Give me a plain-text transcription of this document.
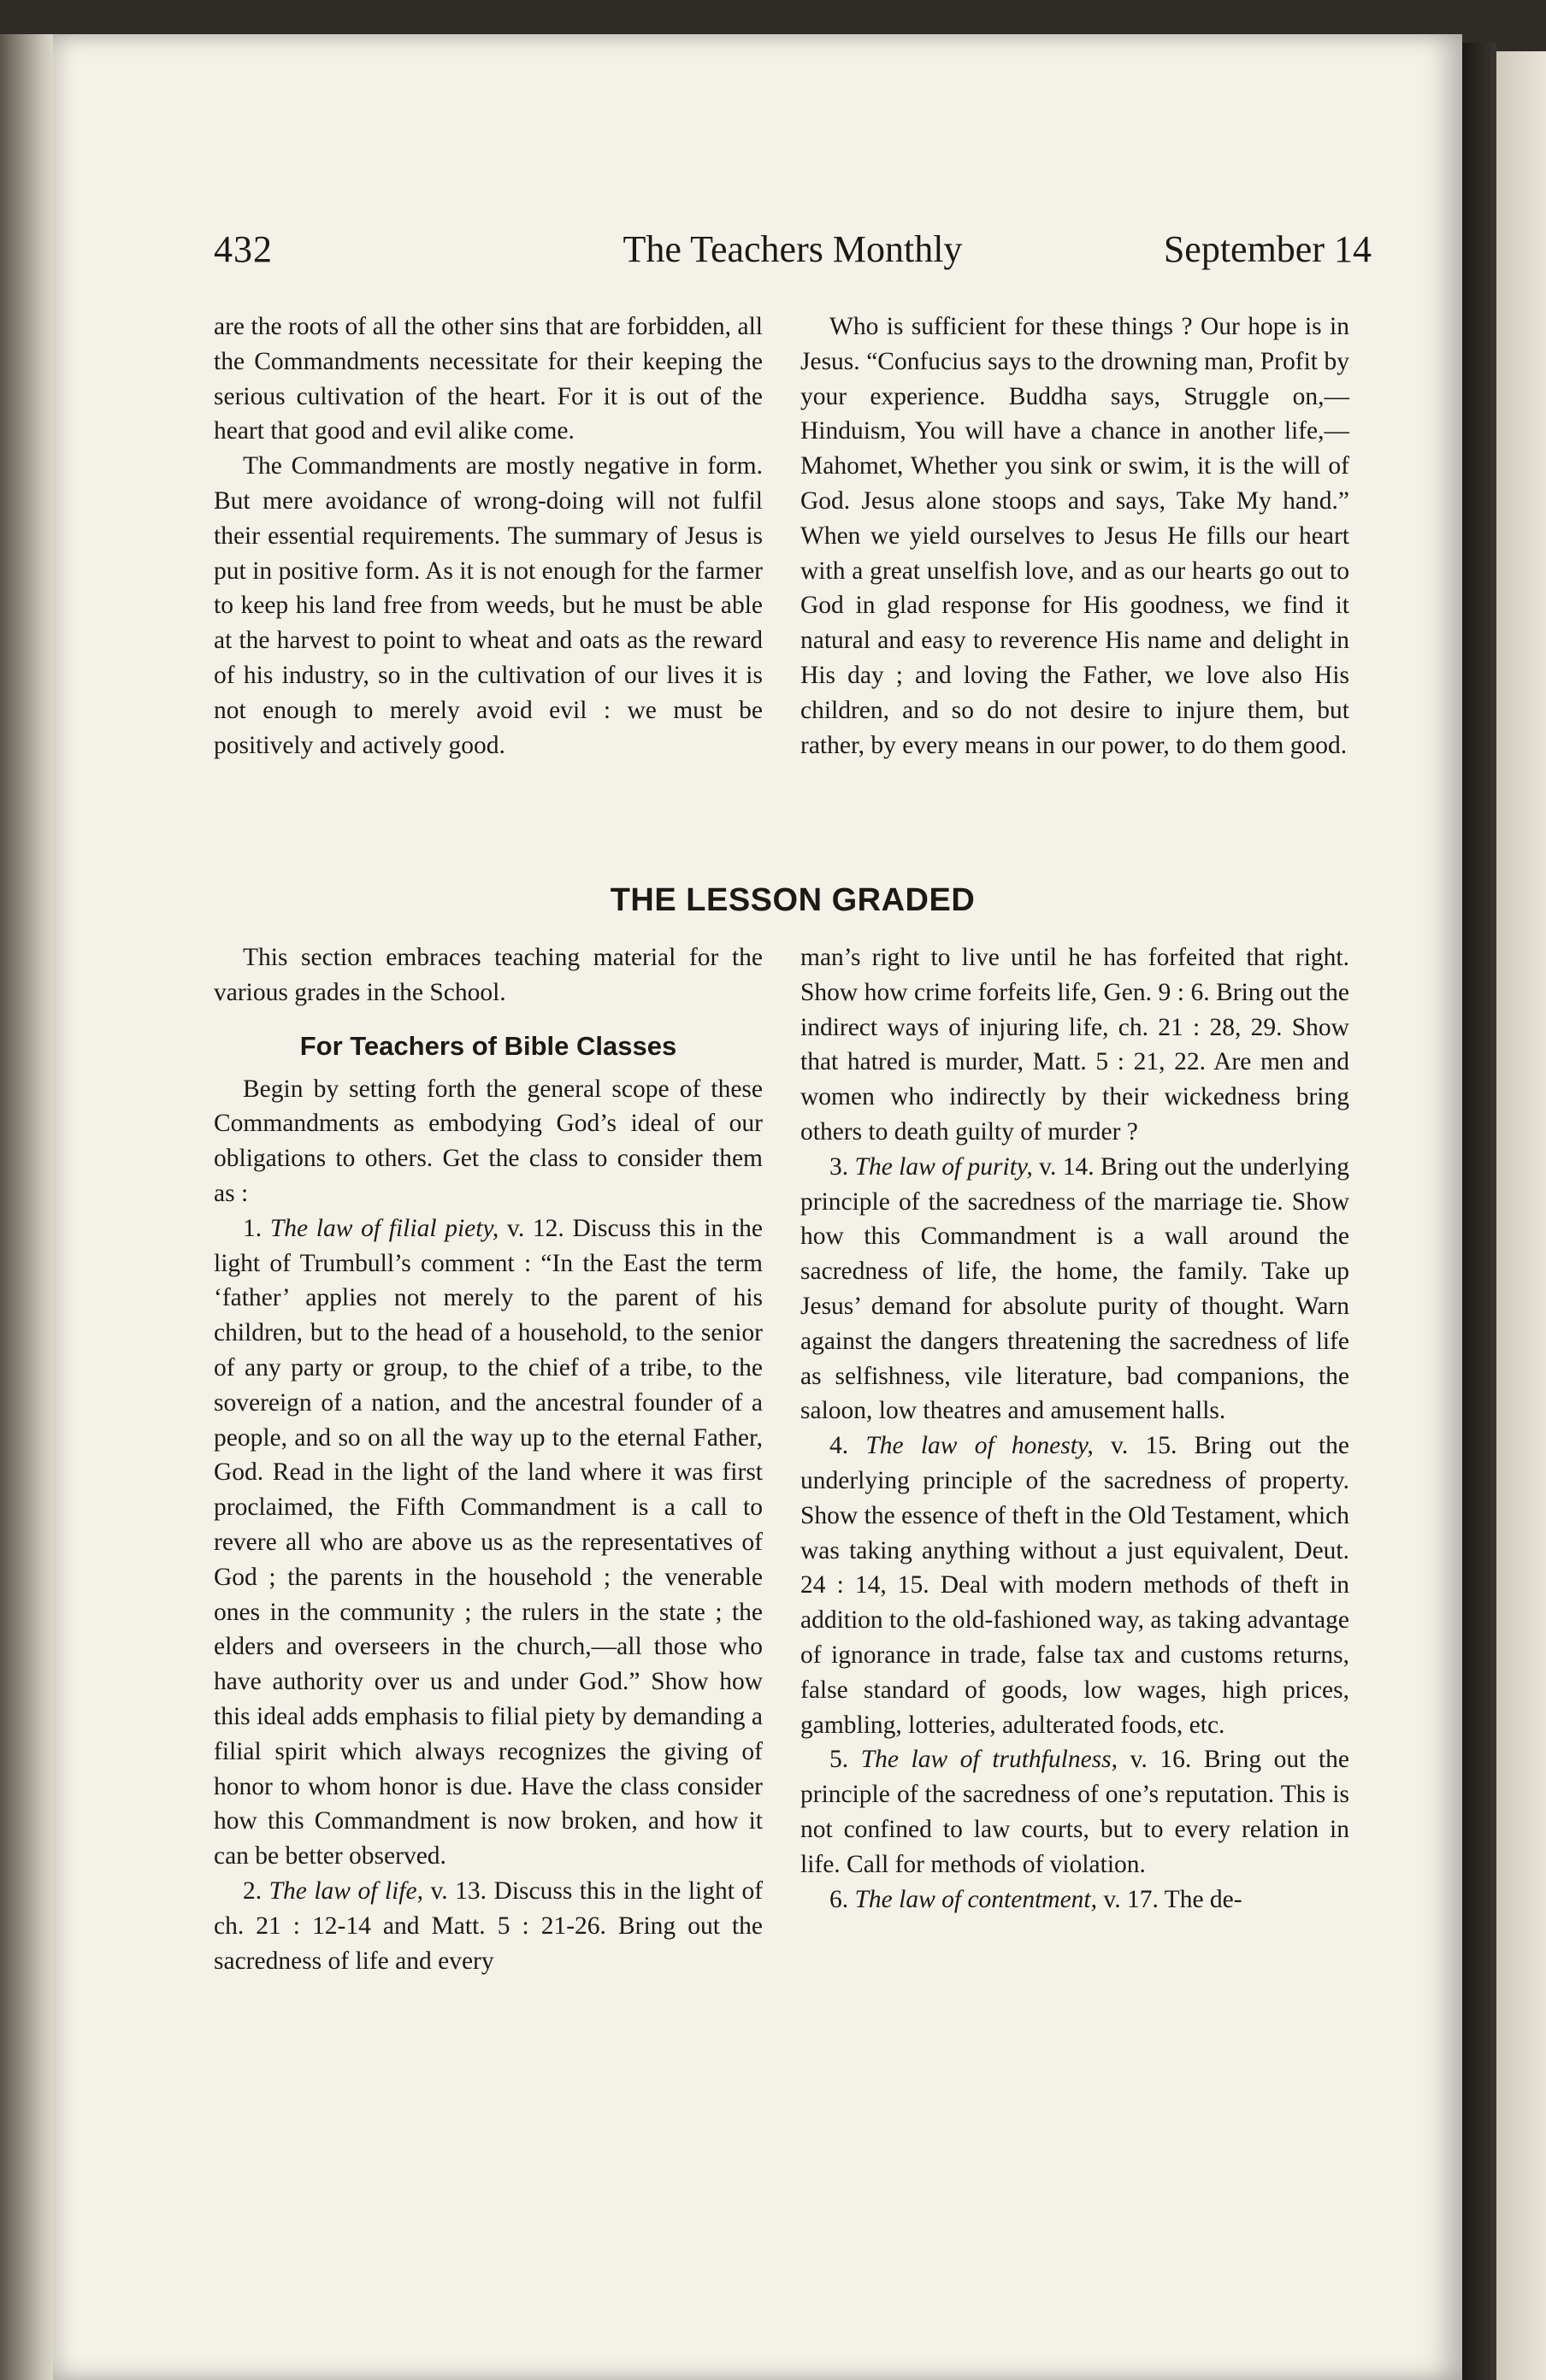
432	The Teachers Monthly	September 14

are the roots of all the other sins that are forbidden, all the Commandments necessitate for their keeping the serious cultivation of the heart. For it is out of the heart that good and evil alike come.

The Commandments are mostly negative in form. But mere avoidance of wrong-doing will not fulfil their essential requirements. The summary of Jesus is put in positive form. As it is not enough for the farmer to keep his land free from weeds, but he must be able at the harvest to point to wheat and oats as the reward of his industry, so in the cultivation of our lives it is not enough to merely avoid evil : we must be positively and actively good.

Who is sufficient for these things ? Our hope is in Jesus. “Confucius says to the drowning man, Profit by your experience. Buddha says, Struggle on,—Hinduism, You will have a chance in another life,—Mahomet, Whether you sink or swim, it is the will of God. Jesus alone stoops and says, Take My hand.” When we yield ourselves to Jesus He fills our heart with a great unselfish love, and as our hearts go out to God in glad response for His goodness, we find it natural and easy to reverence His name and delight in His day ; and loving the Father, we love also His children, and so do not desire to injure them, but rather, by every means in our power, to do them good.

THE LESSON GRADED

This section embraces teaching material for the various grades in the School.

For Teachers of Bible Classes

Begin by setting forth the general scope of these Commandments as embodying God’s ideal of our obligations to others. Get the class to consider them as :

1. The law of filial piety, v. 12. Discuss this in the light of Trumbull’s comment : “In the East the term ‘father’ applies not merely to the parent of his children, but to the head of a household, to the senior of any party or group, to the chief of a tribe, to the sovereign of a nation, and the ancestral founder of a people, and so on all the way up to the eternal Father, God. Read in the light of the land where it was first proclaimed, the Fifth Commandment is a call to revere all who are above us as the representatives of God ; the parents in the household ; the venerable ones in the community ; the rulers in the state ; the elders and overseers in the church,—all those who have authority over us and under God.” Show how this ideal adds emphasis to filial piety by demanding a filial spirit which always recognizes the giving of honor to whom honor is due. Have the class consider how this Commandment is now broken, and how it can be better observed.

2. The law of life, v. 13. Discuss this in the light of ch. 21 : 12-14 and Matt. 5 : 21-26. Bring out the sacredness of life and every

man’s right to live until he has forfeited that right. Show how crime forfeits life, Gen. 9 : 6. Bring out the indirect ways of injuring life, ch. 21 : 28, 29. Show that hatred is murder, Matt. 5 : 21, 22. Are men and women who indirectly by their wickedness bring others to death guilty of murder ?

3. The law of purity, v. 14. Bring out the underlying principle of the sacredness of the marriage tie. Show how this Commandment is a wall around the sacredness of life, the home, the family. Take up Jesus’ demand for absolute purity of thought. Warn against the dangers threatening the sacredness of life as selfishness, vile literature, bad companions, the saloon, low theatres and amusement halls.

4. The law of honesty, v. 15. Bring out the underlying principle of the sacredness of property. Show the essence of theft in the Old Testament, which was taking anything without a just equivalent, Deut. 24 : 14, 15. Deal with modern methods of theft in addition to the old-fashioned way, as taking advantage of ignorance in trade, false tax and customs returns, false standard of goods, low wages, high prices, gambling, lotteries, adulterated foods, etc.

5. The law of truthfulness, v. 16. Bring out the principle of the sacredness of one’s reputation. This is not confined to law courts, but to every relation in life. Call for methods of violation.

6. The law of contentment, v. 17. The de-
